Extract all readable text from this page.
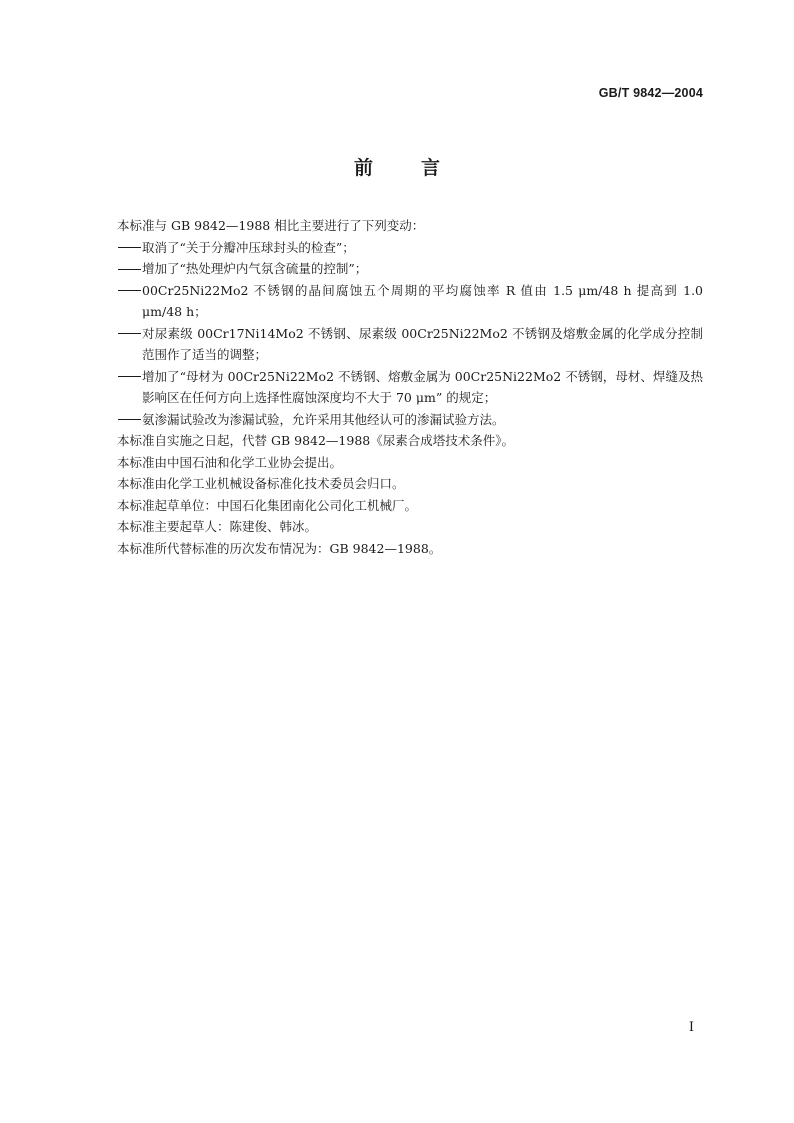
GB/T 9842—2004
前	言
本标准与 GB 9842—1988 相比主要进行了下列变动：
取消了“关于分瓣冲压球封头的检查”；
增加了“热处理炉内气氛含硫量的控制”；
00Cr25Ni22Mo2 不锈钢的晶间腐蚀五个周期的平均腐蚀率 R 值由 1.5 μm/48 h 提高到 1.0 μm/48 h；
对尿素级 00Cr17Ni14Mo2 不锈钢、尿素级 00Cr25Ni22Mo2 不锈钢及熔敷金属的化学成分控制范围作了适当的调整；
增加了“母材为 00Cr25Ni22Mo2 不锈钢、熔敷金属为 00Cr25Ni22Mo2 不锈钢，母材、焊缝及热影响区在任何方向上选择性腐蚀深度均不大于 70 μm” 的规定；
氨渗漏试验改为渗漏试验，允许采用其他经认可的渗漏试验方法。
本标准自实施之日起，代替 GB 9842—1988《尿素合成塔技术条件》。
本标准由中国石油和化学工业协会提出。
本标准由化学工业机械设备标准化技术委员会归口。
本标准起草单位：中国石化集团南化公司化工机械厂。
本标准主要起草人：陈建俊、韩冰。
本标准所代替标准的历次发布情况为：GB 9842—1988。
I
